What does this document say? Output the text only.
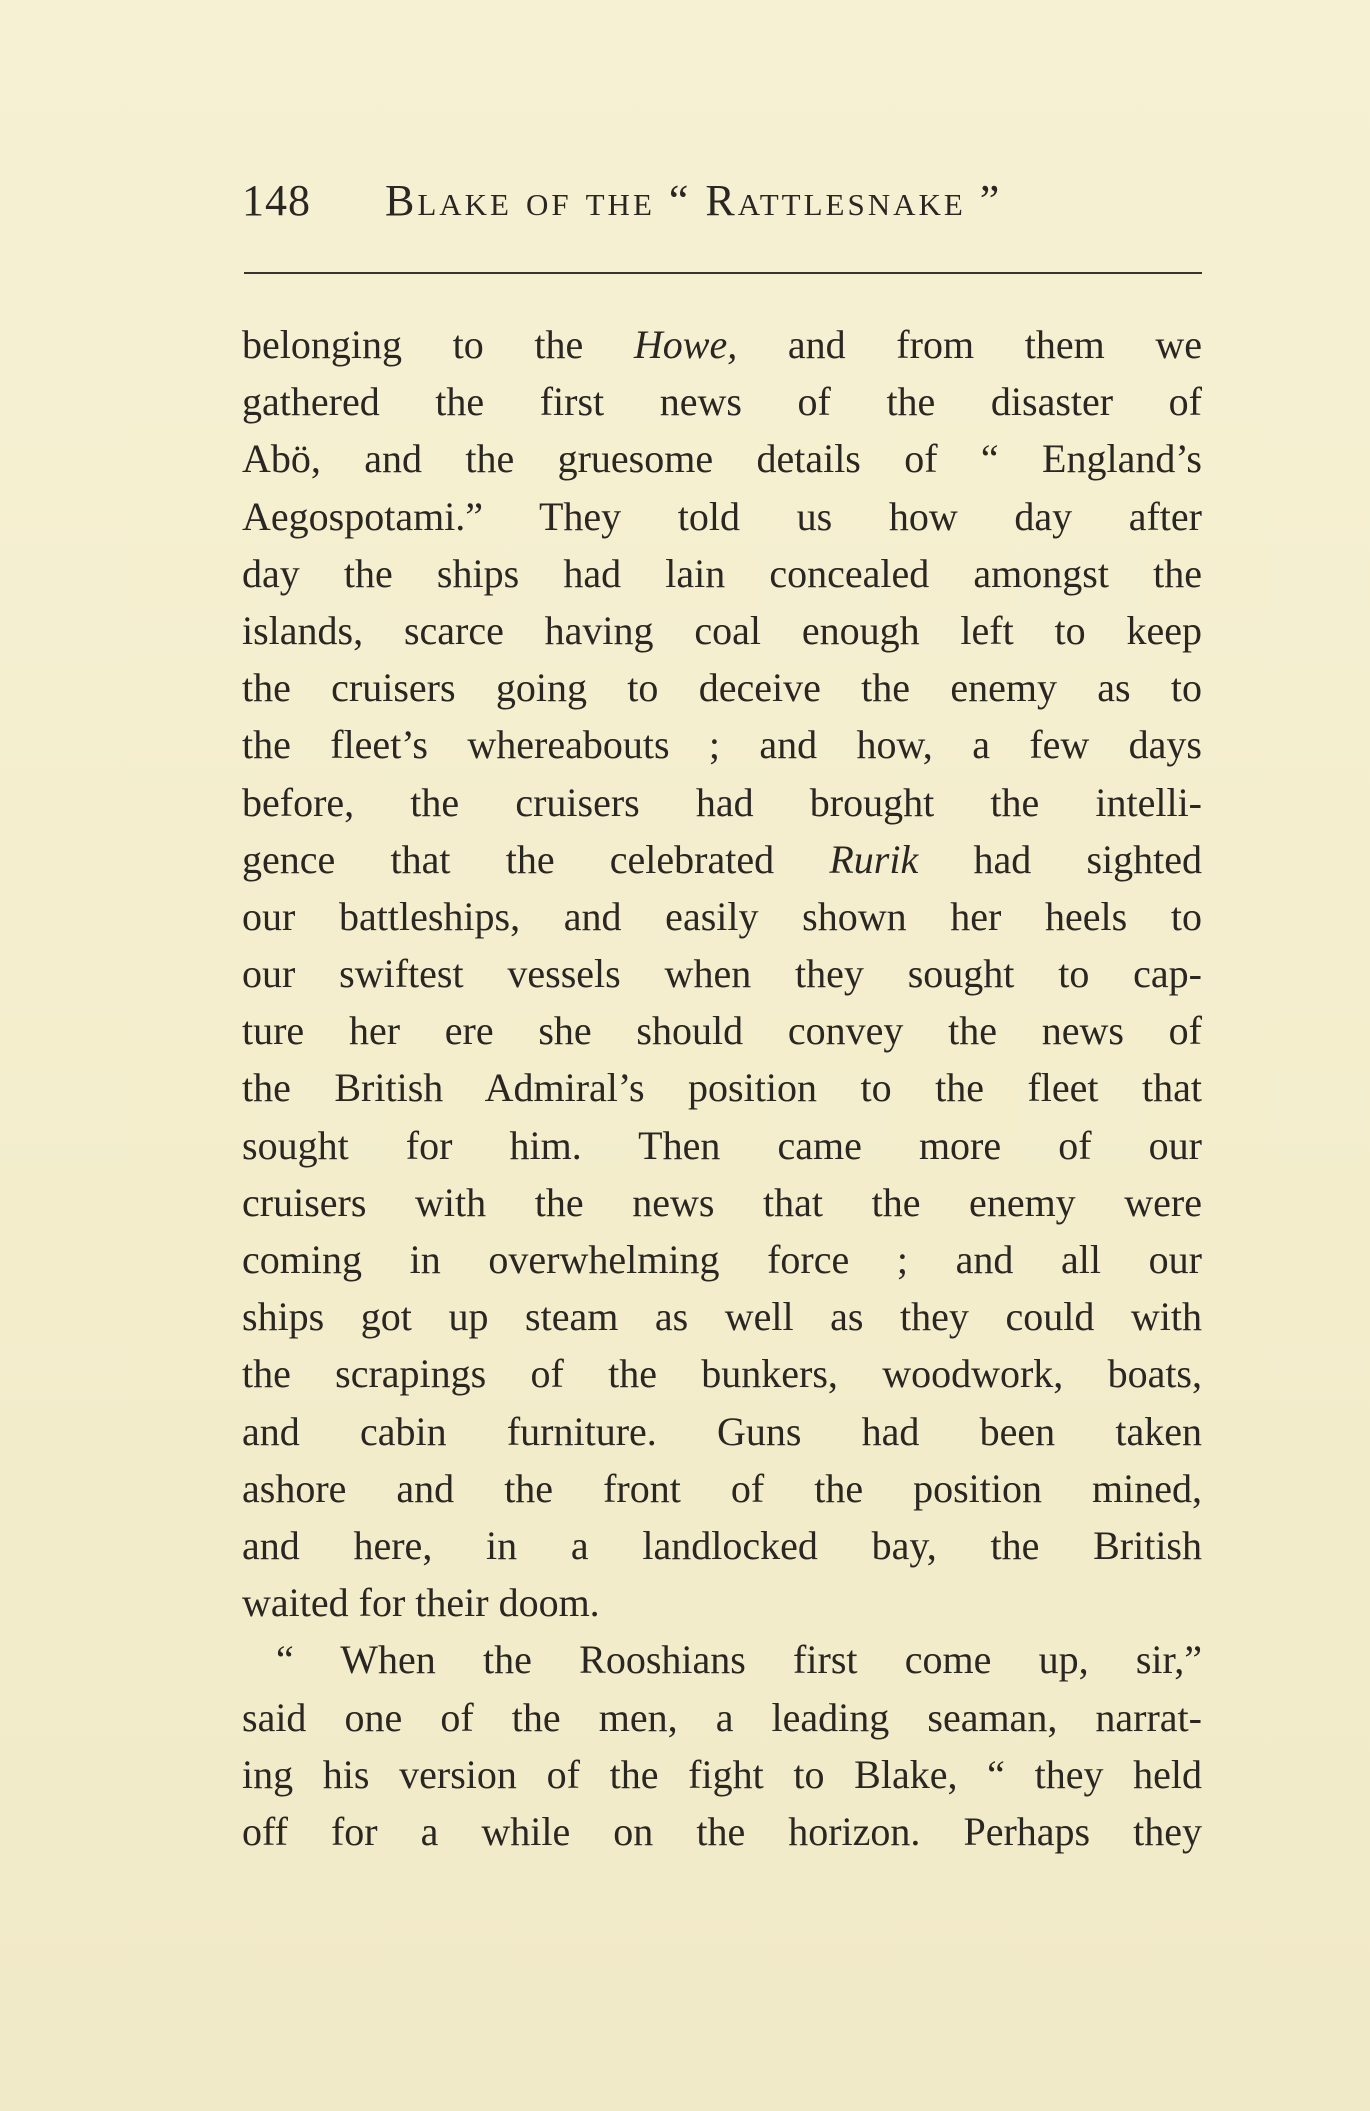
148 Blake of the “ Rattlesnake ”
belonging to the Howe, and from them we
gathered the first news of the disaster of
Abö, and the gruesome details of “ England’s
Aegospotami.” They told us how day after
day the ships had lain concealed amongst the
islands, scarce having coal enough left to keep
the cruisers going to deceive the enemy as to
the fleet’s whereabouts ; and how, a few days
before, the cruisers had brought the intelli-
gence that the celebrated Rurik had sighted
our battleships, and easily shown her heels to
our swiftest vessels when they sought to cap-
ture her ere she should convey the news of
the British Admiral’s position to the fleet that
sought for him. Then came more of our
cruisers with the news that the enemy were
coming in overwhelming force ; and all our
ships got up steam as well as they could with
the scrapings of the bunkers, woodwork, boats,
and cabin furniture. Guns had been taken
ashore and the front of the position mined,
and here, in a landlocked bay, the British
waited for their doom.
“ When the Rooshians first come up, sir,”
said one of the men, a leading seaman, narrat-
ing his version of the fight to Blake, “ they held
off for a while on the horizon. Perhaps they
